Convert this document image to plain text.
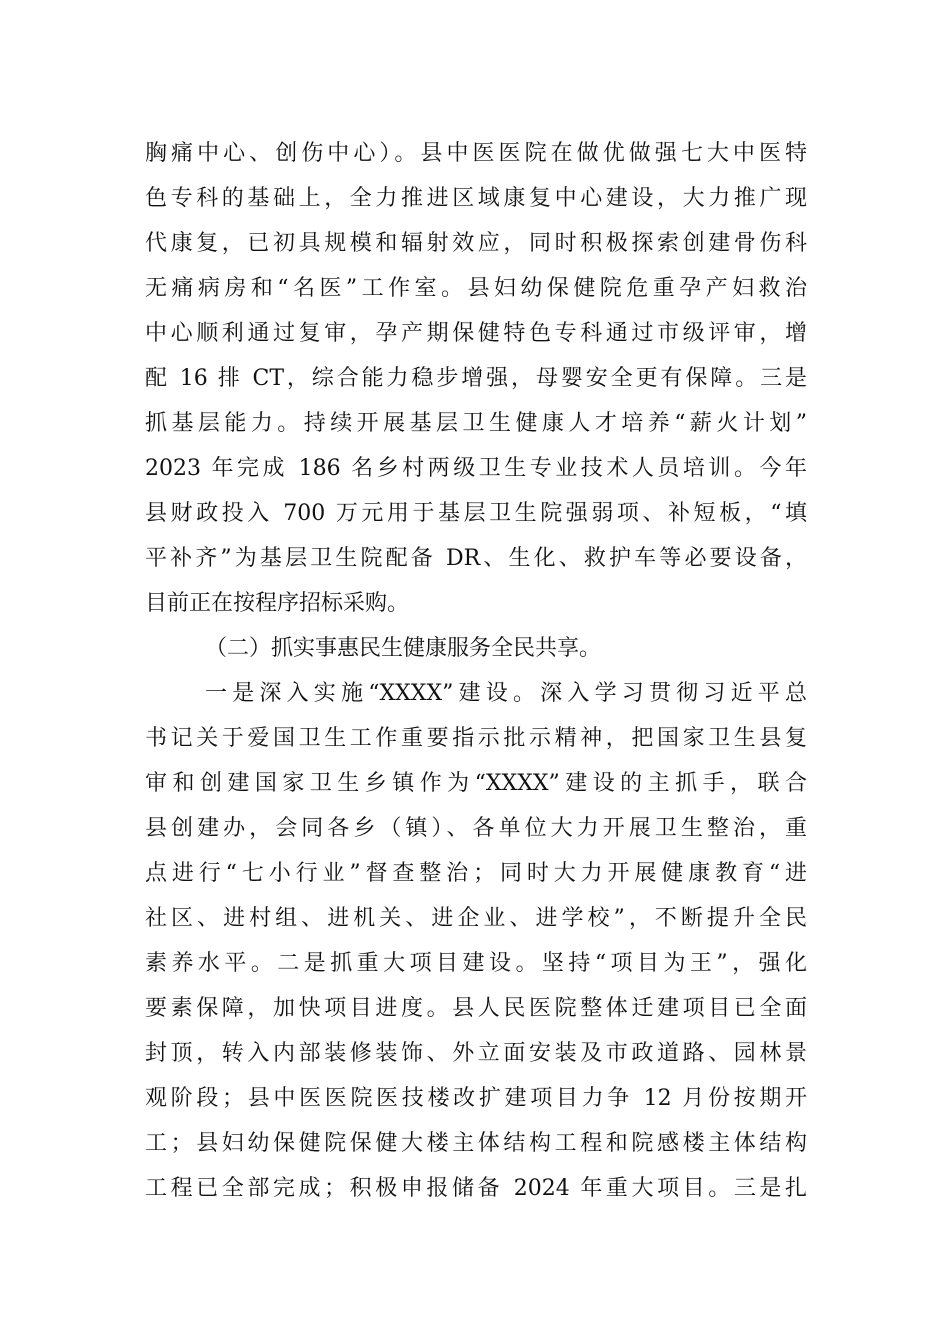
胸痛中心、创伤中心）。县中医医院在做优做强七大中医特
色专科的基础上，全力推进区域康复中心建设，大力推广现
代康复，已初具规模和辐射效应，同时积极探索创建骨伤科
无痛病房和“名医”工作室。县妇幼保健院危重孕产妇救治
中心顺利通过复审，孕产期保健特色专科通过市级评审，增
配 16 排 CT，综合能力稳步增强，母婴安全更有保障。三是
抓基层能力。持续开展基层卫生健康人才培养“薪火计划”
2023 年完成 186 名乡村两级卫生专业技术人员培训。今年
县财政投入 700 万元用于基层卫生院强弱项、补短板，“填
平补齐”为基层卫生院配备 DR、生化、救护车等必要设备，
目前正在按程序招标采购。
（二）抓实事惠民生健康服务全民共享。
一是深入实施“XXXX”建设。深入学习贯彻习近平总
书记关于爱国卫生工作重要指示批示精神，把国家卫生县复
审和创建国家卫生乡镇作为“XXXX”建设的主抓手，联合
县创建办，会同各乡（镇）、各单位大力开展卫生整治，重
点进行“七小行业”督查整治；同时大力开展健康教育“进
社区、进村组、进机关、进企业、进学校”，不断提升全民
素养水平。二是抓重大项目建设。坚持“项目为王”，强化
要素保障，加快项目进度。县人民医院整体迁建项目已全面
封顶，转入内部装修装饰、外立面安装及市政道路、园林景
观阶段；县中医医院医技楼改扩建项目力争 12 月份按期开
工；县妇幼保健院保健大楼主体结构工程和院感楼主体结构
工程已全部完成；积极申报储备 2024 年重大项目。三是扎
